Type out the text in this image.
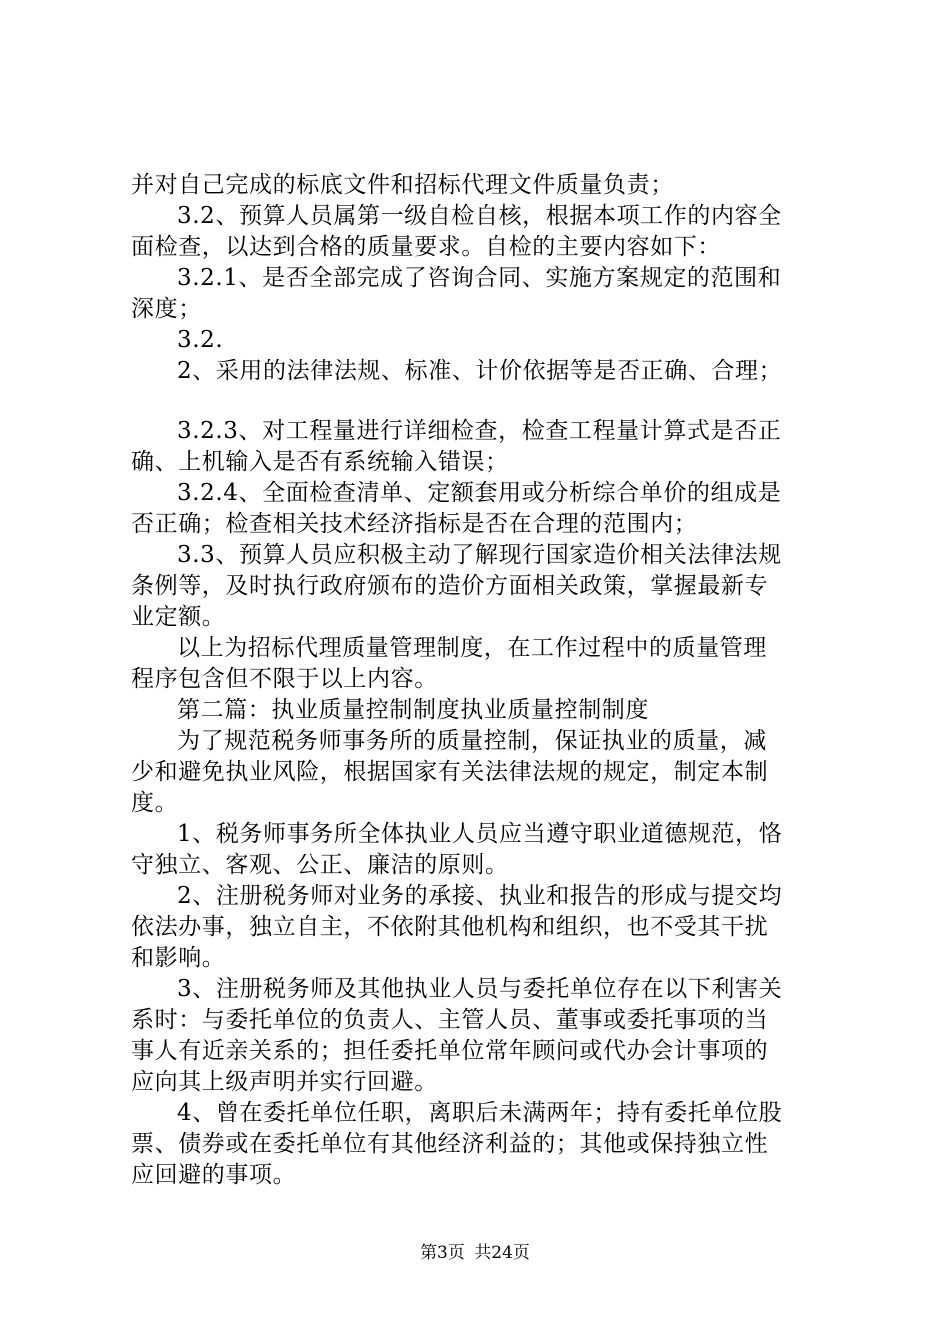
并对自己完成的标底文件和招标代理文件质量负责；
3.2、预算人员属第一级自检自核，根据本项工作的内容全
面检查，以达到合格的质量要求。自检的主要内容如下：
3.2.1、是否全部完成了咨询合同、实施方案规定的范围和
深度；
3.2.
2、采用的法律法规、标准、计价依据等是否正确、合理；
3.2.3、对工程量进行详细检查，检查工程量计算式是否正
确、上机输入是否有系统输入错误；
3.2.4、全面检查清单、定额套用或分析综合单价的组成是
否正确；检查相关技术经济指标是否在合理的范围内；
3.3、预算人员应积极主动了解现行国家造价相关法律法规
条例等，及时执行政府颁布的造价方面相关政策，掌握最新专
业定额。
以上为招标代理质量管理制度，在工作过程中的质量管理
程序包含但不限于以上内容。
第二篇：执业质量控制制度执业质量控制制度
为了规范税务师事务所的质量控制，保证执业的质量，减
少和避免执业风险，根据国家有关法律法规的规定，制定本制
度。
1、税务师事务所全体执业人员应当遵守职业道德规范，恪
守独立、客观、公正、廉洁的原则。
2、注册税务师对业务的承接、执业和报告的形成与提交均
依法办事，独立自主，不依附其他机构和组织，也不受其干扰
和影响。
3、注册税务师及其他执业人员与委托单位存在以下利害关
系时：与委托单位的负责人、主管人员、董事或委托事项的当
事人有近亲关系的；担任委托单位常年顾问或代办会计事项的
应向其上级声明并实行回避。
4、曾在委托单位任职，离职后未满两年；持有委托单位股
票、债券或在委托单位有其他经济利益的；其他或保持独立性
应回避的事项。
第3页 共24页
